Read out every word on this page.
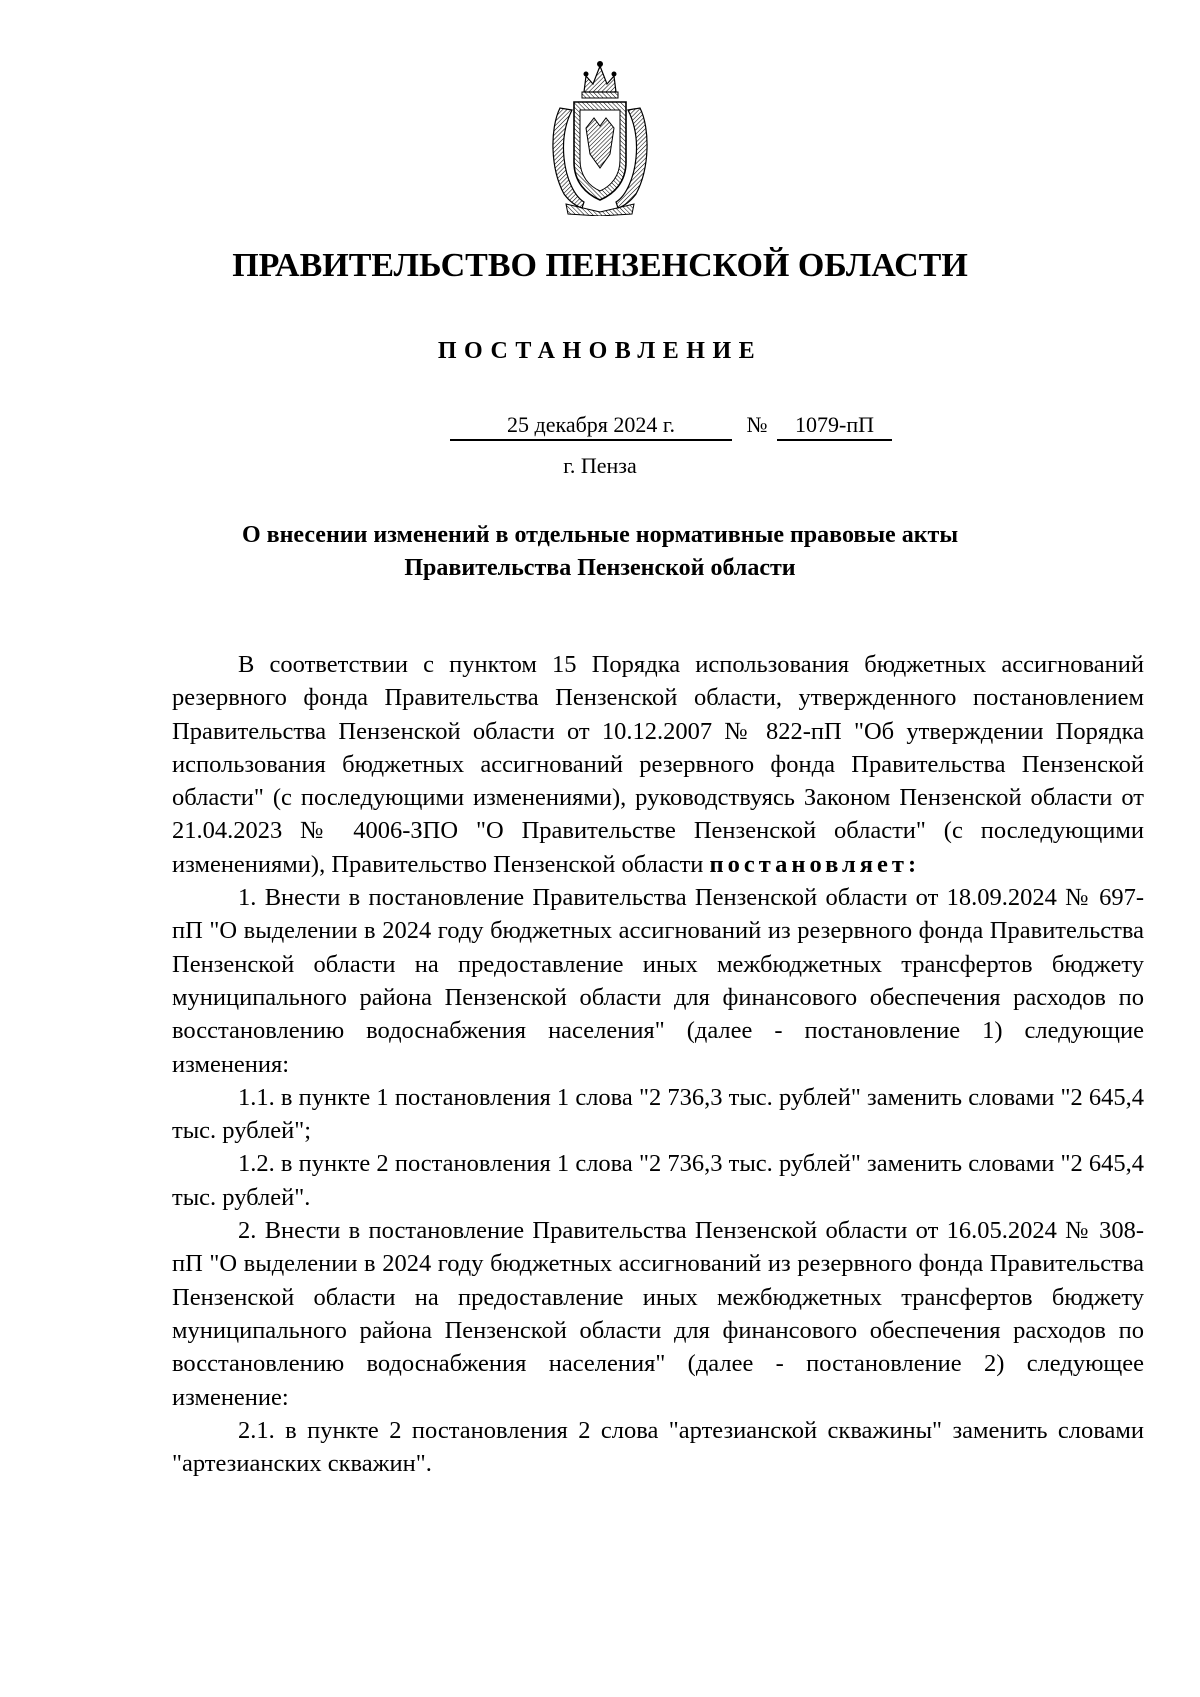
ПРАВИТЕЛЬСТВО ПЕНЗЕНСКОЙ ОБЛАСТИ
ПОСТАНОВЛЕНИЕ
25 декабря 2024 г.	№	1079-пП
г. Пенза
О внесении изменений в отдельные нормативные правовые акты
Правительства Пензенской области

В соответствии с пунктом 15 Порядка использования бюджетных ассигнований резервного фонда Правительства Пензенской области, утвержденного постановлением Правительства Пензенской области от 10.12.2007 № 822-пП "Об утверждении Порядка использования бюджетных ассигнований резервного фонда Правительства Пензенской области" (с последующими изменениями), руководствуясь Законом Пензенской области от 21.04.2023 № 4006-ЗПО "О Правительстве Пензенской области" (с последующими изменениями), Правительство Пензенской области постановляет:

1. Внести в постановление Правительства Пензенской области от 18.09.2024 № 697-пП "О выделении в 2024 году бюджетных ассигнований из резервного фонда Правительства Пензенской области на предоставление иных межбюджетных трансфертов бюджету муниципального района Пензенской области для финансового обеспечения расходов по восстановлению водоснабжения населения" (далее - постановление 1) следующие изменения:

1.1. в пункте 1 постановления 1 слова "2 736,3 тыс. рублей" заменить словами "2 645,4 тыс. рублей";

1.2. в пункте 2 постановления 1 слова "2 736,3 тыс. рублей" заменить словами "2 645,4 тыс. рублей".

2. Внести в постановление Правительства Пензенской области от 16.05.2024 № 308-пП "О выделении в 2024 году бюджетных ассигнований из резервного фонда Правительства Пензенской области на предоставление иных межбюджетных трансфертов бюджету муниципального района Пензенской области для финансового обеспечения расходов по восстановлению водоснабжения населения" (далее - постановление 2) следующее изменение:

2.1. в пункте 2 постановления 2 слова "артезианской скважины" заменить словами "артезианских скважин".
